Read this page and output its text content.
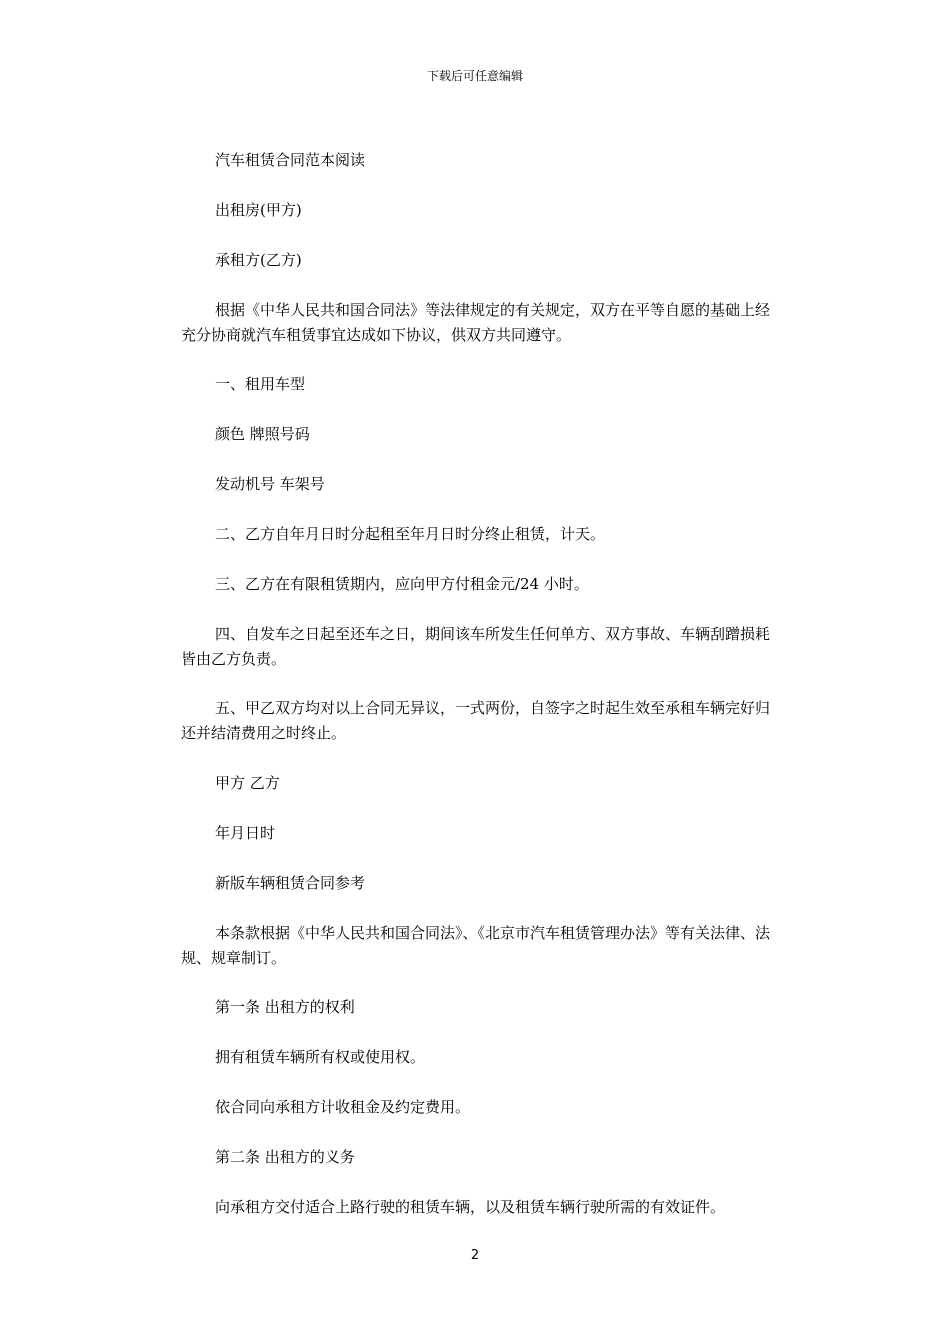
下载后可任意编辑

汽车租赁合同范本阅读

出租房(甲方)

承租方(乙方)

根据《中华人民共和国合同法》等法律规定的有关规定，双方在平等自愿的基础上经充分协商就汽车租赁事宜达成如下协议，供双方共同遵守。

一、租用车型

颜色 牌照号码

发动机号 车架号

二、乙方自年月日时分起租至年月日时分终止租赁，计天。

三、乙方在有限租赁期内，应向甲方付租金元/24 小时。

四、自发车之日起至还车之日，期间该车所发生任何单方、双方事故、车辆刮蹭损耗皆由乙方负责。

五、甲乙双方均对以上合同无异议，一式两份，自签字之时起生效至承租车辆完好归还并结清费用之时终止。

甲方 乙方

年月日时

新版车辆租赁合同参考

本条款根据《中华人民共和国合同法》、《北京市汽车租赁管理办法》等有关法律、法规、规章制订。

第一条 出租方的权利

拥有租赁车辆所有权或使用权。

依合同向承租方计收租金及约定费用。

第二条 出租方的义务

向承租方交付适合上路行驶的租赁车辆，以及租赁车辆行驶所需的有效证件。

2
